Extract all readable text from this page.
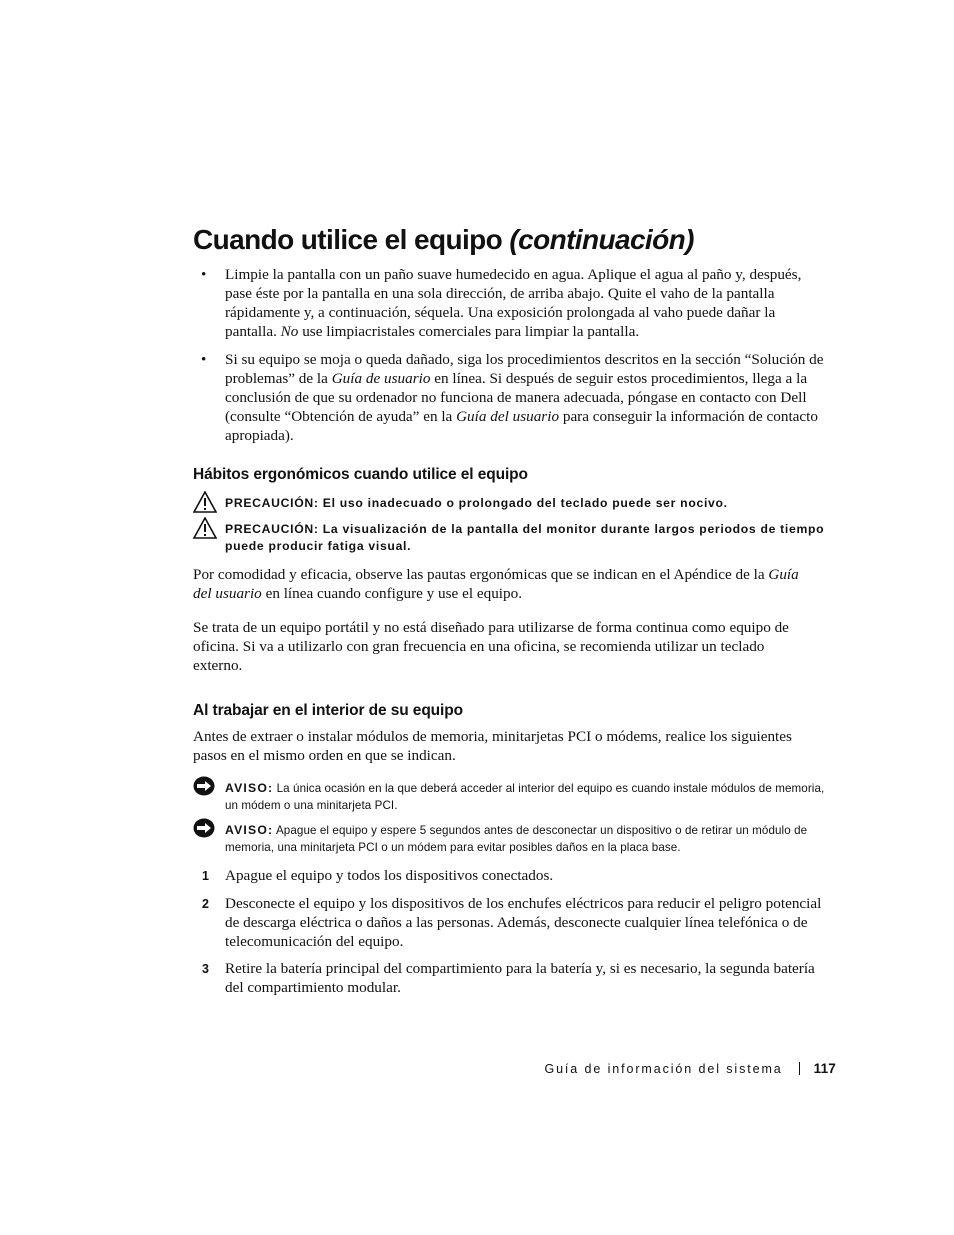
Cuando utilice el equipo (continuación)
• Limpie la pantalla con un paño suave humedecido en agua. Aplique el agua al paño y, después, pase éste por la pantalla en una sola dirección, de arriba abajo. Quite el vaho de la pantalla rápidamente y, a continuación, séquela. Una exposición prolongada al vaho puede dañar la pantalla. No use limpiacristales comerciales para limpiar la pantalla.
• Si su equipo se moja o queda dañado, siga los procedimientos descritos en la sección “Solución de problemas” de la Guía de usuario en línea. Si después de seguir estos procedimientos, llega a la conclusión de que su ordenador no funciona de manera adecuada, póngase en contacto con Dell (consulte “Obtención de ayuda” en la Guía del usuario para conseguir la información de contacto apropiada).
Hábitos ergonómicos cuando utilice el equipo
PRECAUCIÓN: El uso inadecuado o prolongado del teclado puede ser nocivo.
PRECAUCIÓN: La visualización de la pantalla del monitor durante largos periodos de tiempo puede producir fatiga visual.
Por comodidad y eficacia, observe las pautas ergonómicas que se indican en el Apéndice de la Guía del usuario en línea cuando configure y use el equipo.
Se trata de un equipo portátil y no está diseñado para utilizarse de forma continua como equipo de oficina. Si va a utilizarlo con gran frecuencia en una oficina, se recomienda utilizar un teclado externo.
Al trabajar en el interior de su equipo
Antes de extraer o instalar módulos de memoria, minitarjetas PCI o módems, realice los siguientes pasos en el mismo orden en que se indican.
AVISO: La única ocasión en la que deberá acceder al interior del equipo es cuando instale módulos de memoria, un módem o una minitarjeta PCI.
AVISO: Apague el equipo y espere 5 segundos antes de desconectar un dispositivo o de retirar un módulo de memoria, una minitarjeta PCI o un módem para evitar posibles daños en la placa base.
1 Apague el equipo y todos los dispositivos conectados.
2 Desconecte el equipo y los dispositivos de los enchufes eléctricos para reducir el peligro potencial de descarga eléctrica o daños a las personas. Además, desconecte cualquier línea telefónica o de telecomunicación del equipo.
3 Retire la batería principal del compartimiento para la batería y, si es necesario, la segunda batería del compartimiento modular.
Guía de información del sistema 117
